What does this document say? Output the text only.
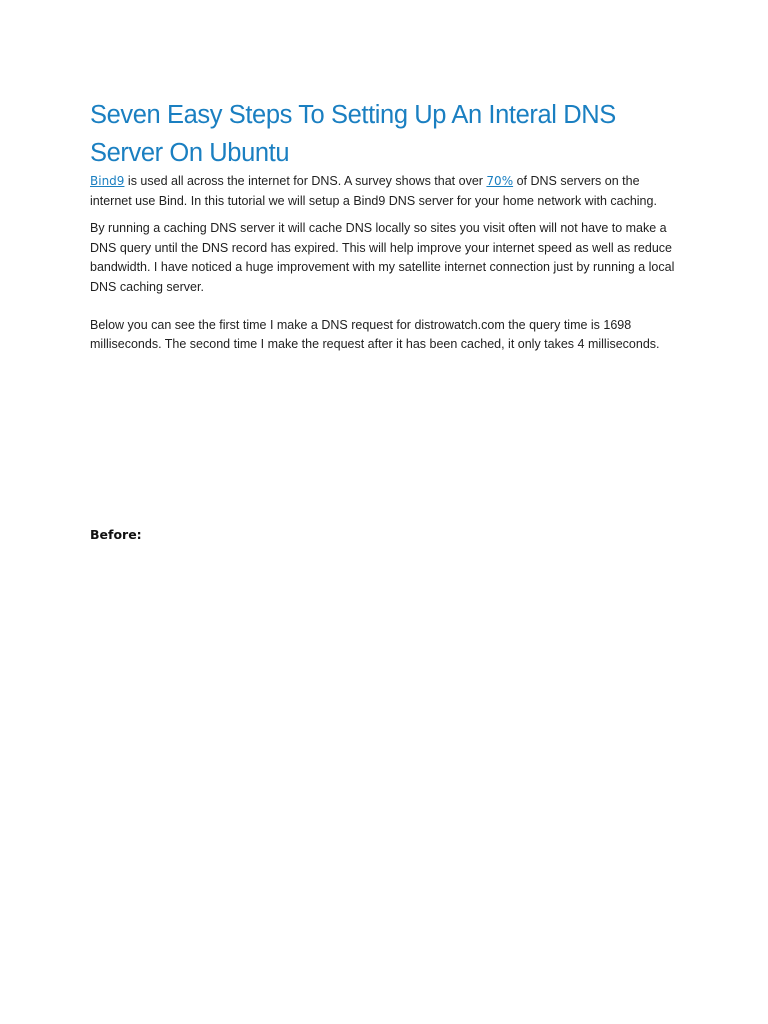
Seven Easy Steps To Setting Up An Interal DNS Server On Ubuntu

Bind9 is used all across the internet for DNS. A survey shows that over 70% of DNS servers on the internet use Bind. In this tutorial we will setup a Bind9 DNS server for your home network with caching.

By running a caching DNS server it will cache DNS locally so sites you visit often will not have to make a DNS query until the DNS record has expired. This will help improve your internet speed as well as reduce bandwidth. I have noticed a huge improvement with my satellite internet connection just by running a local DNS caching server.

Below you can see the first time I make a DNS request for distrowatch.com the query time is 1698 milliseconds. The second time I make the request after it has been cached, it only takes 4 milliseconds.

Before:
